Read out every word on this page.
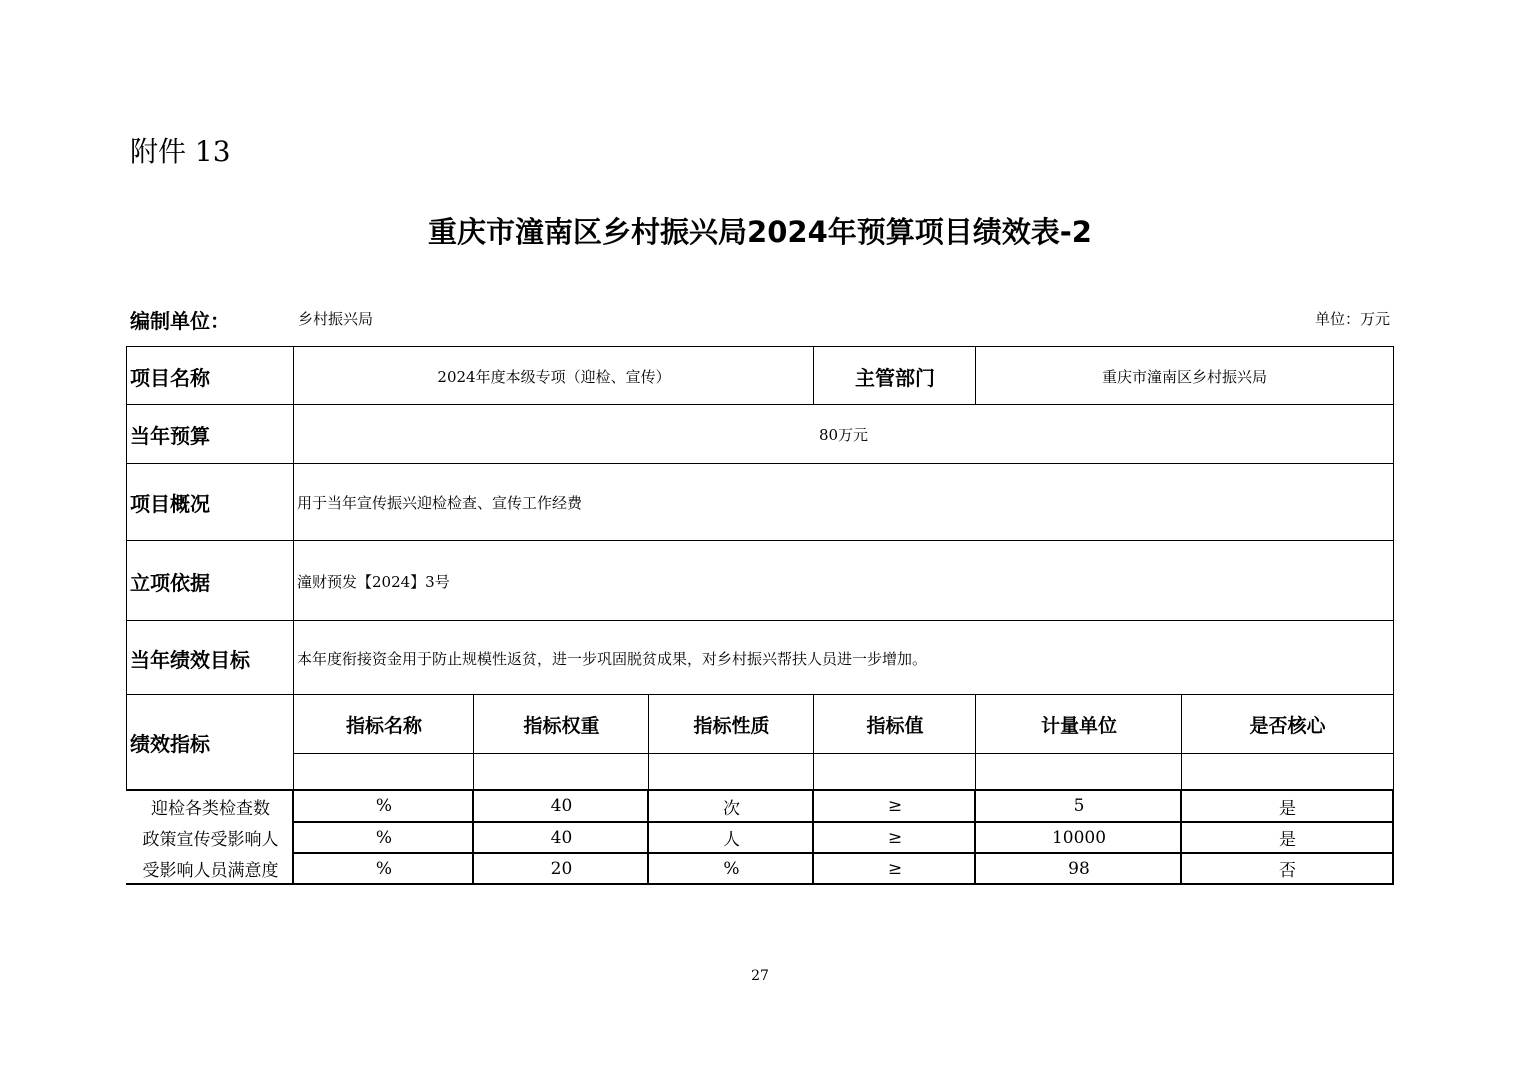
附件 13
重庆市潼南区乡村振兴局2024年预算项目绩效表-2
编制单位：	乡村振兴局	单位：万元
项目名称	2024年度本级专项（迎检、宣传）	主管部门	重庆市潼南区乡村振兴局
当年预算	80万元
项目概况	用于当年宣传振兴迎检检查、宣传工作经费
立项依据	潼财预发【2024】3号
当年绩效目标	本年度衔接资金用于防止规模性返贫，进一步巩固脱贫成果，对乡村振兴帮扶人员进一步增加。
绩效指标
指标名称	指标权重	指标性质	指标值	计量单位	是否核心
迎检各类检查数	%	40	次	≥	5	是
政策宣传受影响人	%	40	人	≥	10000	是
受影响人员满意度	%	20	%	≥	98	否
27
